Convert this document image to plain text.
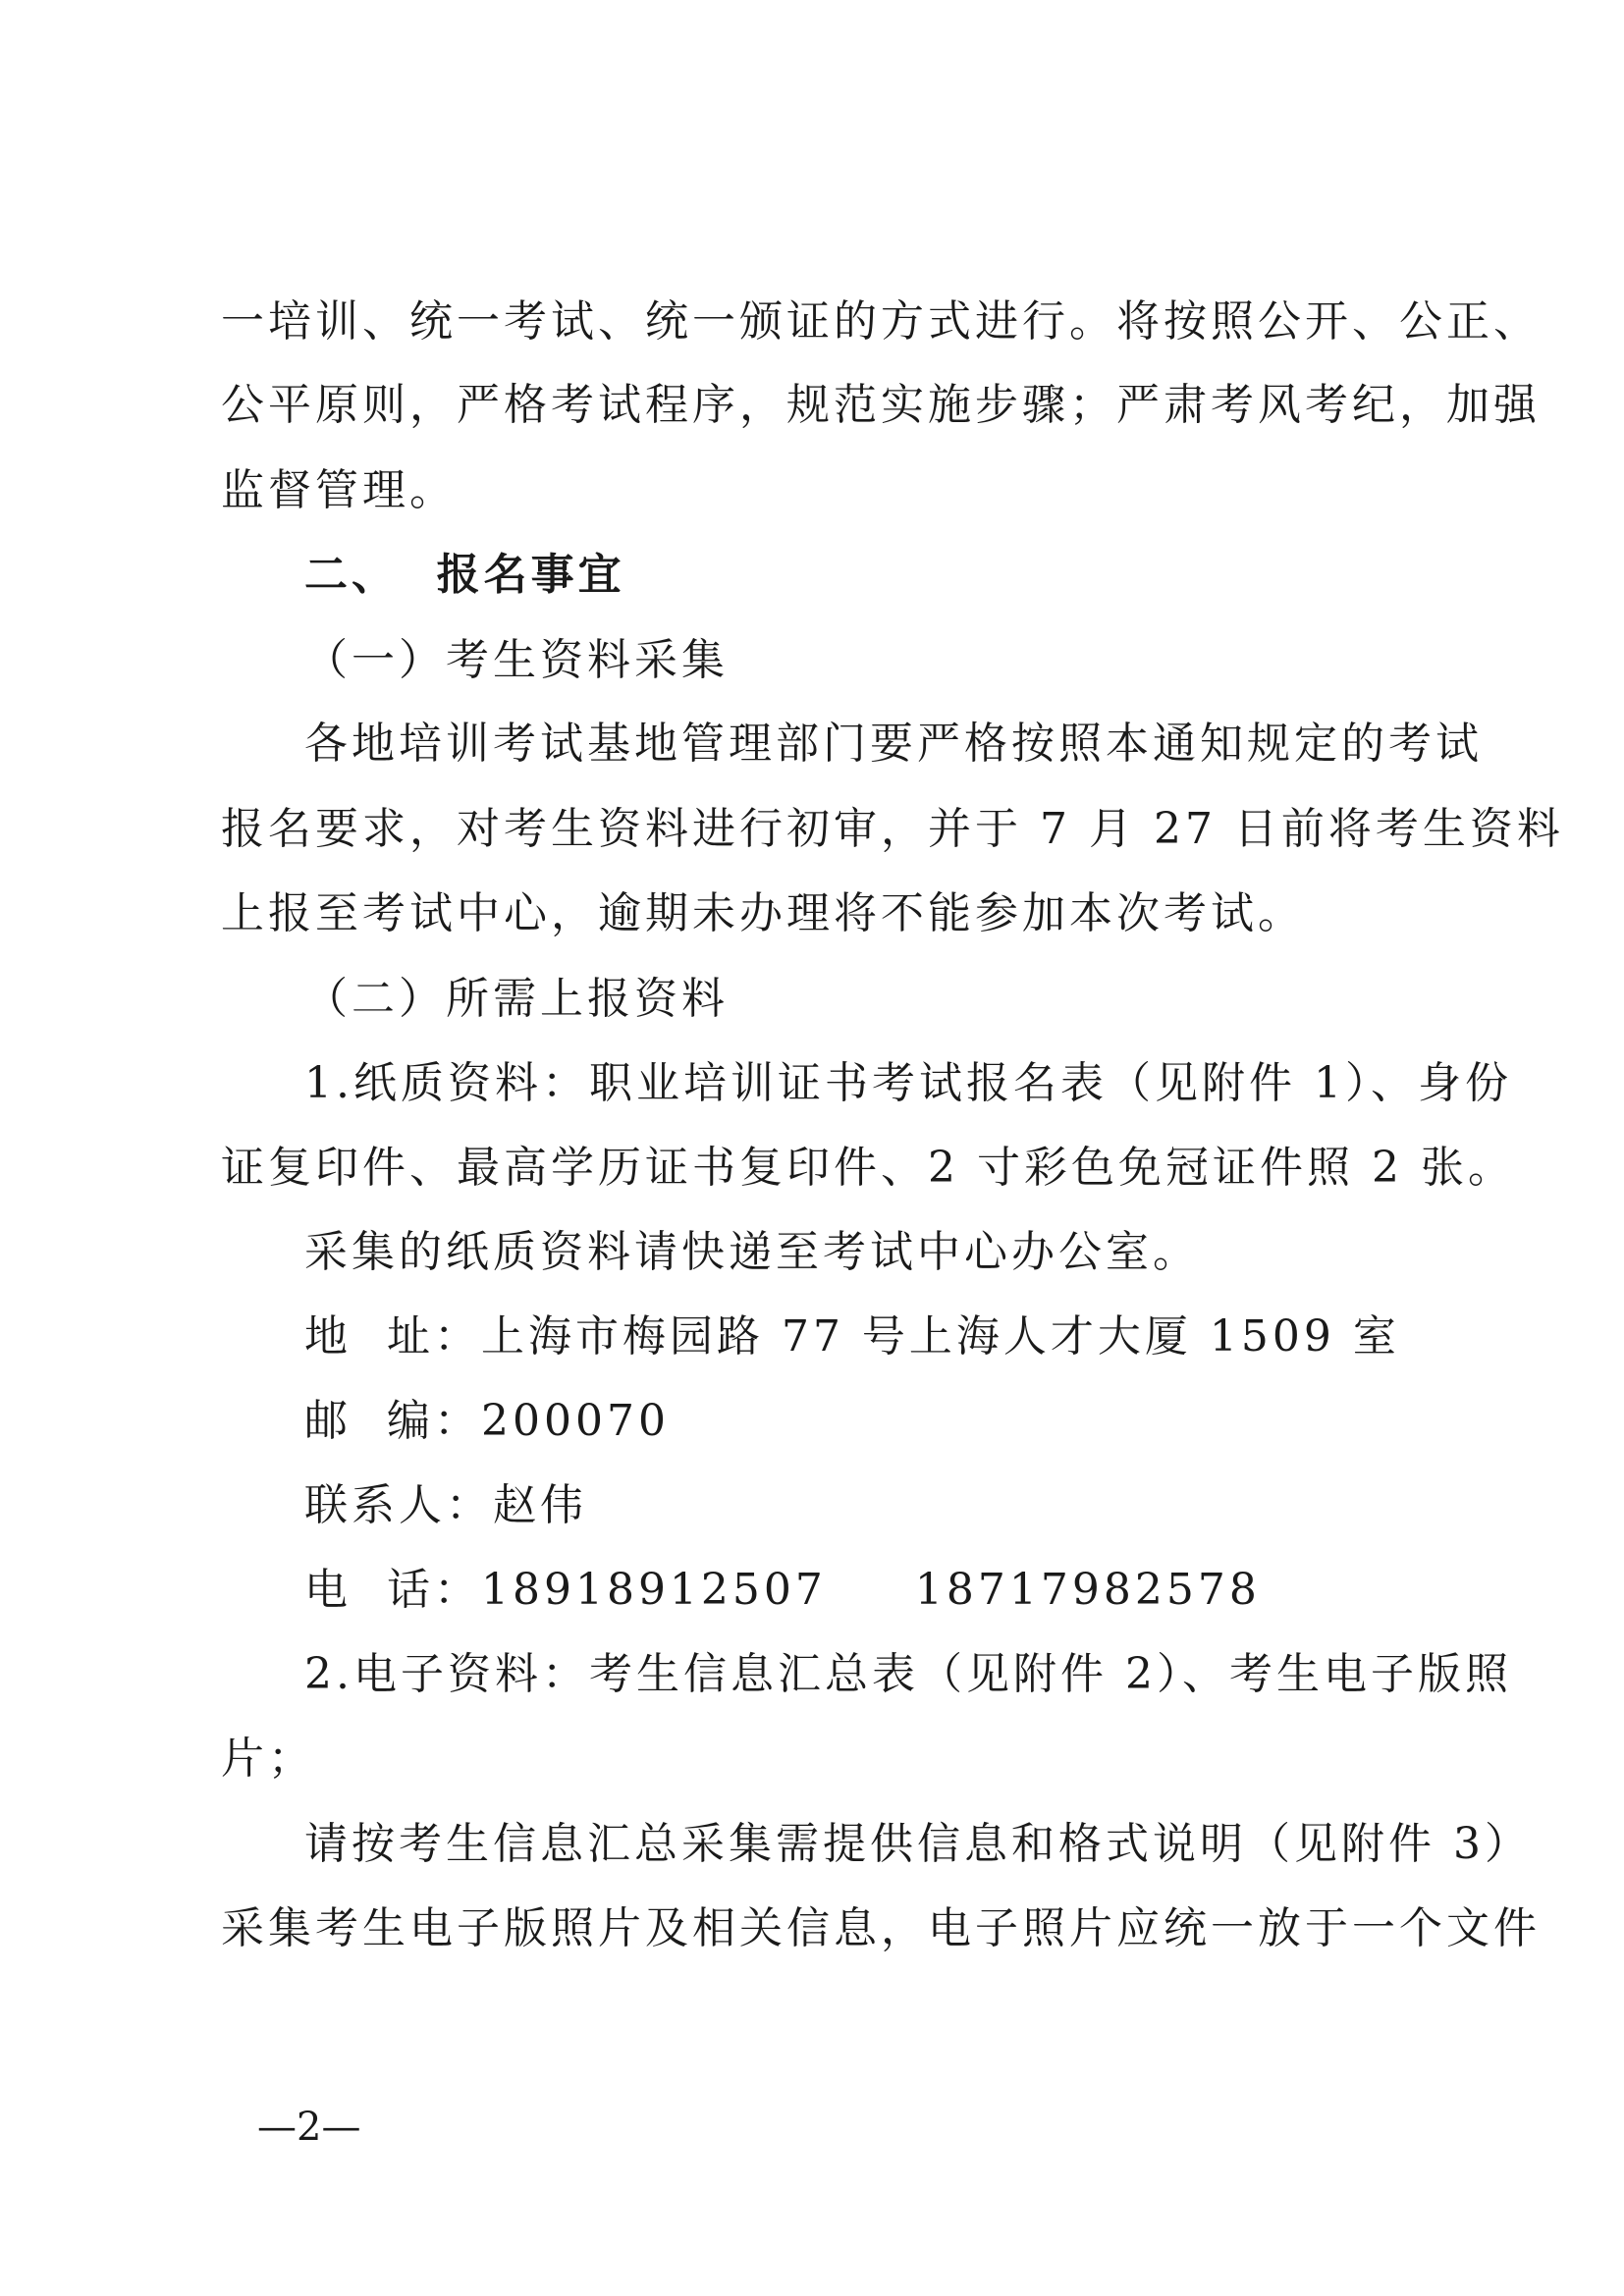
一培训、统一考试、统一颁证的方式进行。将按照公开、公正、
公平原则，严格考试程序，规范实施步骤；严肃考风考纪，加强
监督管理。
二、  报名事宜
（一）考生资料采集
各地培训考试基地管理部门要严格按照本通知规定的考试
报名要求，对考生资料进行初审，并于 7 月 27 日前将考生资料
上报至考试中心，逾期未办理将不能参加本次考试。
（二）所需上报资料
1.纸质资料：职业培训证书考试报名表（见附件 1）、身份
证复印件、最高学历证书复印件、2 寸彩色免冠证件照 2 张。
采集的纸质资料请快递至考试中心办公室。
地  址：上海市梅园路 77 号上海人才大厦 1509 室
邮  编：200070
联系人：赵伟
电  话：18918912507 18717982578
2.电子资料：考生信息汇总表（见附件 2）、考生电子版照
片；
请按考生信息汇总采集需提供信息和格式说明（见附件 3）
采集考生电子版照片及相关信息，电子照片应统一放于一个文件
—2—
